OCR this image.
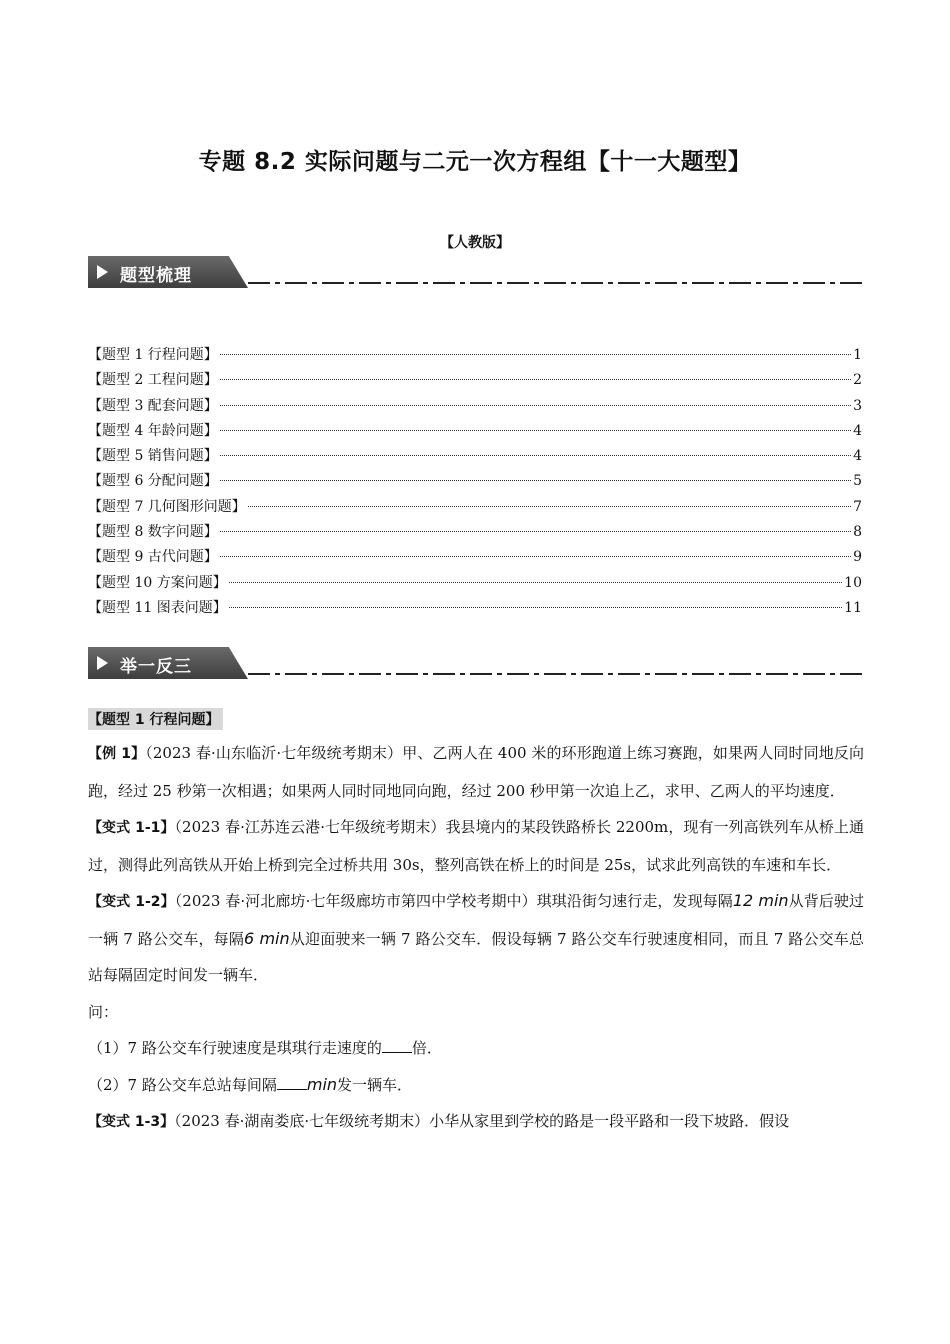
专题 8.2 实际问题与二元一次方程组【十一大题型】
【人教版】
题型梳理
【题型 1 行程问题】	1
【题型 2 工程问题】	2
【题型 3 配套问题】	3
【题型 4 年龄问题】	4
【题型 5 销售问题】	4
【题型 6 分配问题】	5
【题型 7 几何图形问题】	7
【题型 8 数字问题】	8
【题型 9 古代问题】	9
【题型 10 方案问题】	10
【题型 11 图表问题】	11
举一反三
【题型 1 行程问题】

【例 1】（2023 春·山东临沂·七年级统考期末）甲、乙两人在 400 米的环形跑道上练习赛跑，如果两人同时同地反向跑，经过 25 秒第一次相遇；如果两人同时同地同向跑，经过 200 秒甲第一次追上乙，求甲、乙两人的平均速度．

【变式 1-1】（2023 春·江苏连云港·七年级统考期末）我县境内的某段铁路桥长 2200m，现有一列高铁列车从桥上通过，测得此列高铁从开始上桥到完全过桥共用 30s，整列高铁在桥上的时间是 25s，试求此列高铁的车速和车长．

【变式 1-2】（2023 春·河北廊坊·七年级廊坊市第四中学校考期中）琪琪沿街匀速行走，发现每隔12 min从背后驶过一辆 7 路公交车，每隔6 min从迎面驶来一辆 7 路公交车．假设每辆 7 路公交车行驶速度相同，而且 7 路公交车总站每隔固定时间发一辆车．

问：

（1）7 路公交车行驶速度是琪琪行走速度的 倍．

（2）7 路公交车总站每间隔 min发一辆车．

【变式 1-3】（2023 春·湖南娄底·七年级统考期末）小华从家里到学校的路是一段平路和一段下坡路．假设
